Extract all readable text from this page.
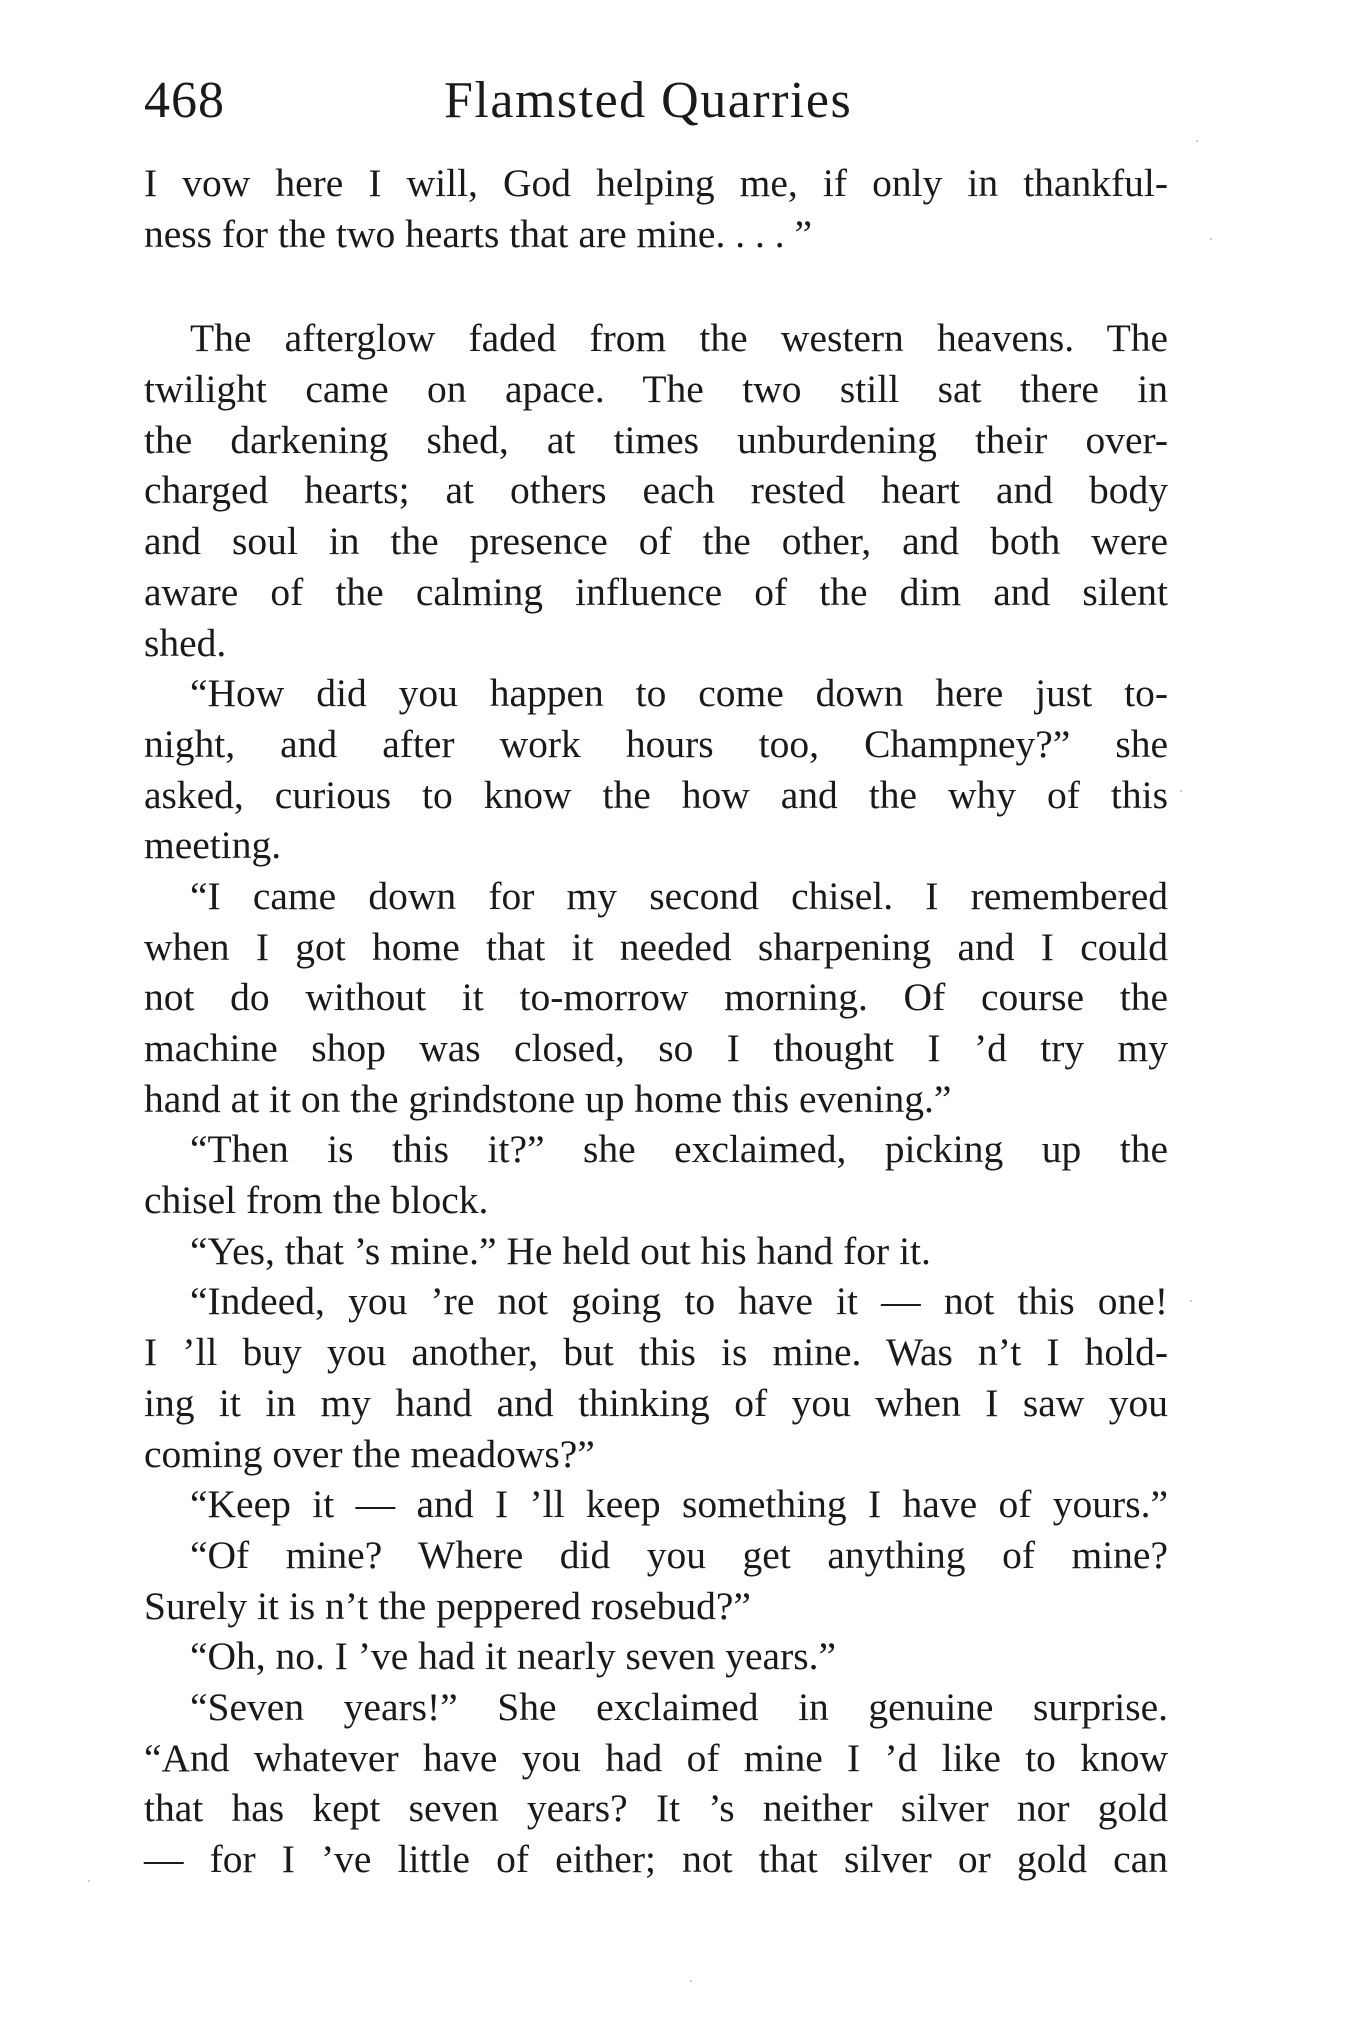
468	Flamsted Quarries
I vow here I will, God helping me, if only in thankful-
ness for the two hearts that are mine. . . . ”
The afterglow faded from the western heavens. The
twilight came on apace. The two still sat there in
the darkening shed, at times unburdening their over-
charged hearts; at others each rested heart and body
and soul in the presence of the other, and both were
aware of the calming influence of the dim and silent
shed.
“How did you happen to come down here just to-
night, and after work hours too, Champney?” she
asked, curious to know the how and the why of this
meeting.
“I came down for my second chisel. I remembered
when I got home that it needed sharpening and I could
not do without it to-morrow morning. Of course the
machine shop was closed, so I thought I ’d try my
hand at it on the grindstone up home this evening.”
“Then is this it?” she exclaimed, picking up the
chisel from the block.
“Yes, that ’s mine.” He held out his hand for it.
“Indeed, you ’re not going to have it — not this one!
I ’ll buy you another, but this is mine. Was n’t I hold-
ing it in my hand and thinking of you when I saw you
coming over the meadows?”
“Keep it — and I ’ll keep something I have of yours.”
“Of mine? Where did you get anything of mine?
Surely it is n’t the peppered rosebud?”
“Oh, no. I ’ve had it nearly seven years.”
“Seven years!” She exclaimed in genuine surprise.
“And whatever have you had of mine I ’d like to know
that has kept seven years? It ’s neither silver nor gold
— for I ’ve little of either; not that silver or gold can
